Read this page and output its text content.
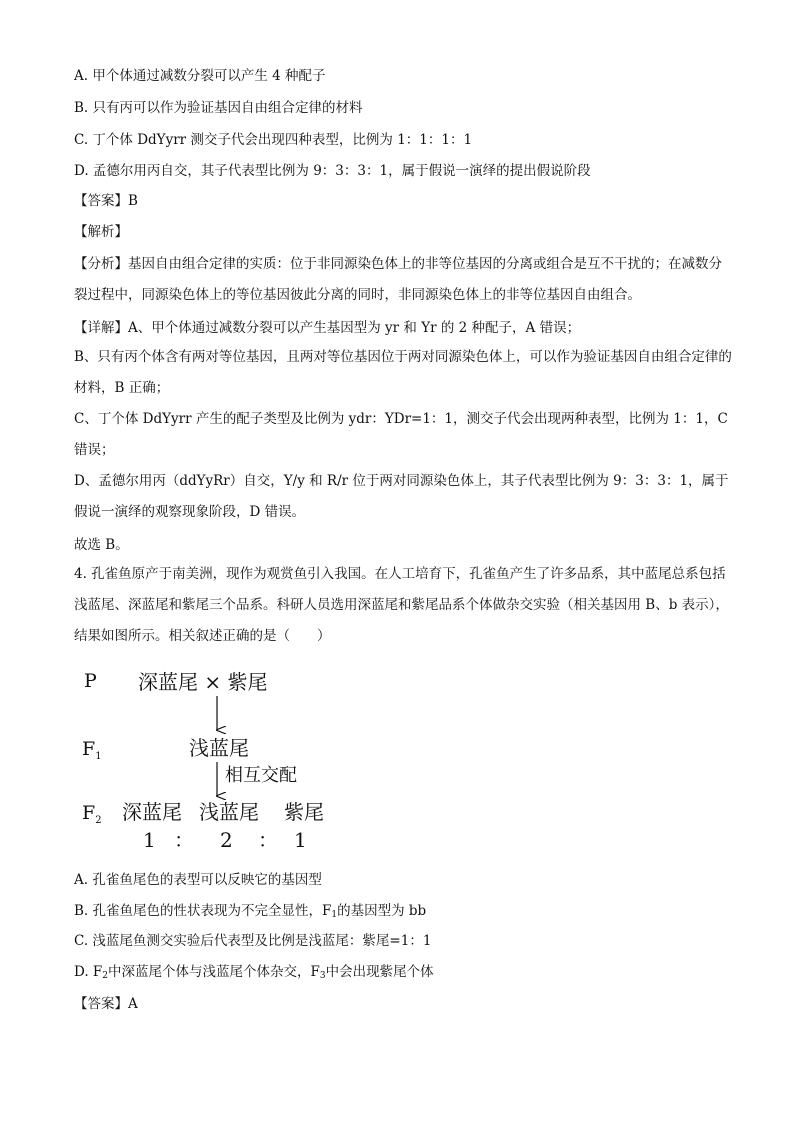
A. 甲个体通过减数分裂可以产生 4 种配子
B. 只有丙可以作为验证基因自由组合定律的材料
C. 丁个体 DdYyrr 测交子代会出现四种表型，比例为 1：1：1：1
D. 孟德尔用丙自交，其子代表型比例为 9：3：3：1，属于假说一演绎的提出假说阶段
【答案】B
【解析】
【分析】基因自由组合定律的实质：位于非同源染色体上的非等位基因的分离或组合是互不干扰的；在减数分裂过程中，同源染色体上的等位基因彼此分离的同时，非同源染色体上的非等位基因自由组合。
【详解】A、甲个体通过减数分裂可以产生基因型为 yr 和 Yr 的 2 种配子，A 错误；
B、只有丙个体含有两对等位基因，且两对等位基因位于两对同源染色体上，可以作为验证基因自由组合定律的材料，B 正确；
C、丁个体 DdYyrr 产生的配子类型及比例为 ydr：YDr=1：1，测交子代会出现两种表型，比例为 1：1，C 错误；
D、孟德尔用丙（ddYyRr）自交，Y/y 和 R/r 位于两对同源染色体上，其子代表型比例为 9：3：3：1，属于假说一演绎的观察现象阶段，D 错误。
故选 B。
4. 孔雀鱼原产于南美洲，现作为观赏鱼引入我国。在人工培育下，孔雀鱼产生了许多品系，其中蓝尾总系包括浅蓝尾、深蓝尾和紫尾三个品系。科研人员选用深蓝尾和紫尾品系个体做杂交实验（相关基因用 B、b 表示），结果如图所示。相关叙述正确的是（　　）
P 深蓝尾 × 紫尾
$F_1$	浅蓝尾
相互交配
$F_2$ 深蓝尾 浅蓝尾 紫尾
1 ： 2 ： 1
A. 孔雀鱼尾色的表型可以反映它的基因型
B. 孔雀鱼尾色的性状表现为不完全显性，$F_1$的基因型为 bb
C. 浅蓝尾鱼测交实验后代表型及比例是浅蓝尾：紫尾=1：1
D. $F_2$中深蓝尾个体与浅蓝尾个体杂交，$F_3$中会出现紫尾个体
【答案】A
